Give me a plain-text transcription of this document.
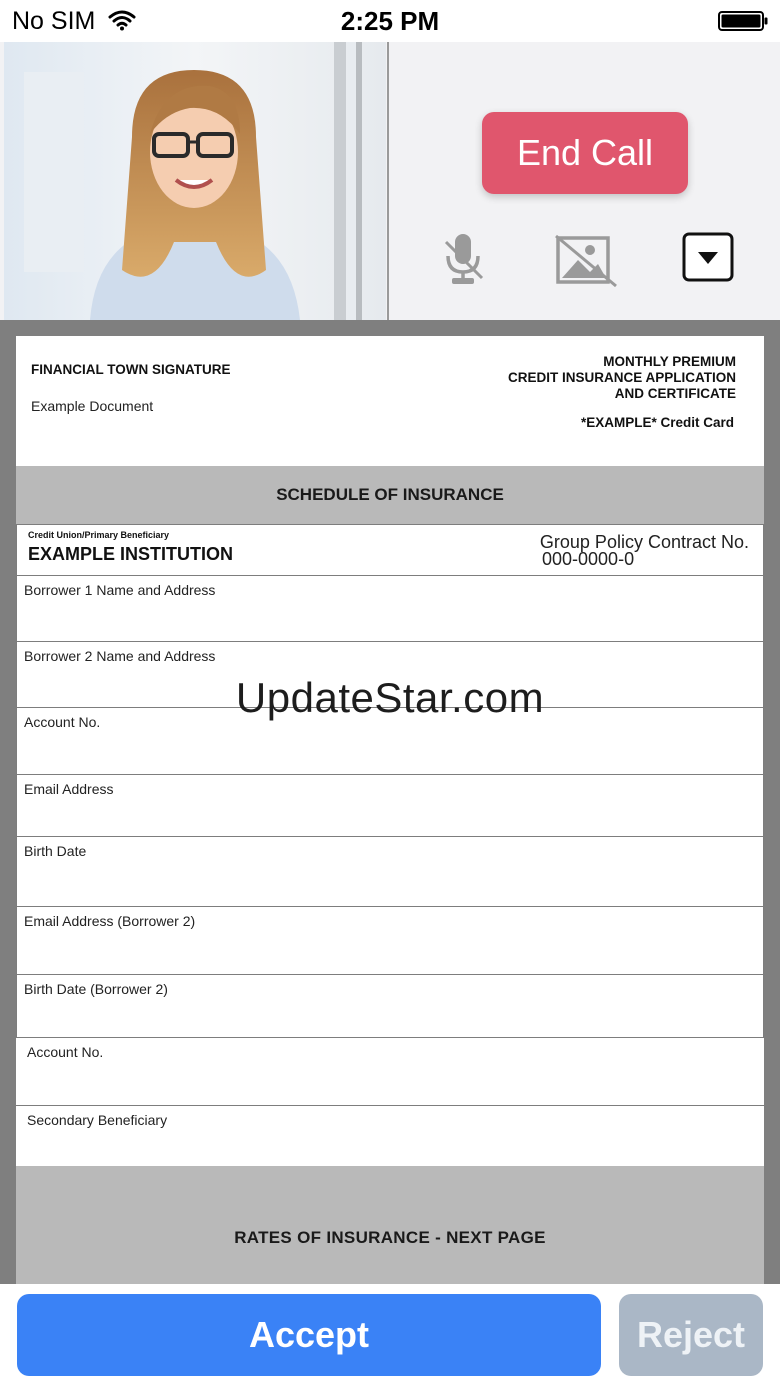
No SIM	2:25 PM
End Call
FINANCIAL TOWN SIGNATURE
Example Document
MONTHLY PREMIUM
CREDIT INSURANCE APPLICATION
AND CERTIFICATE
*EXAMPLE* Credit Card
SCHEDULE OF INSURANCE
Credit Union/Primary Beneficiary
EXAMPLE INSTITUTION
Group Policy Contract No.
000-0000-0
Borrower 1 Name and Address
Borrower 2 Name and Address
Account No.
Email Address
Birth Date
Email Address (Borrower 2)
Birth Date (Borrower 2)
Account No.
Secondary Beneficiary
RATES OF INSURANCE - NEXT PAGE
UpdateStar.com
Accept	Reject
